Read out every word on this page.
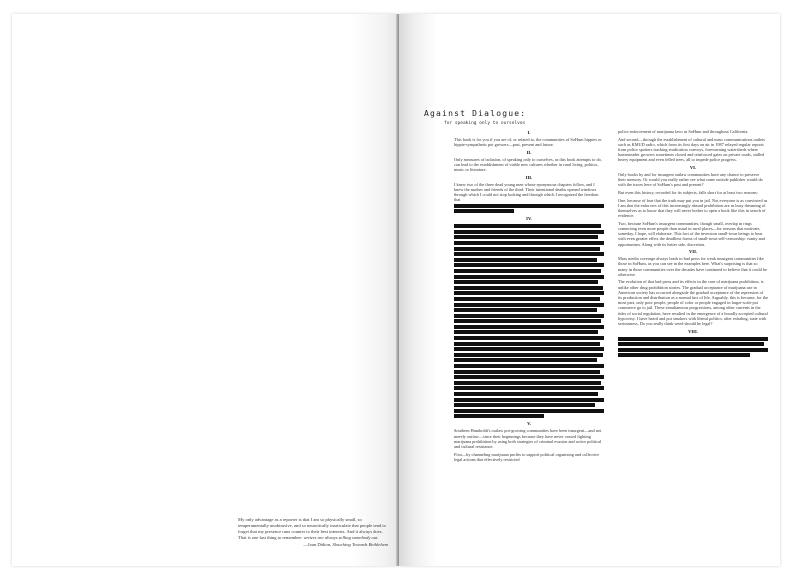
My only advantage as a reporter is that I am so physically small, so temperamentally unobtrusive, and so neurotically inarticulate that people tend to forget that my presence runs counter to their best interests. And it always does. That is one last thing to remember: writers are always selling somebody out.
—Joan Didion, Slouching Towards Bethlehem
Against Dialogue:
for speaking only to ourselves
I.
This book is for you if you are of, or related to, the communities of SoHum hippies or hippie-sympathetic pot growers—past, present and future.
II.
Only measures of isolation, of speaking only to ourselves, as this book attempts to do, can lead to the establishment of viable new cultures whether in rural living, politics, music or literature.
III.
I knew two of the three dead young men whose eponymous chapters follow, and I knew the mother and friends of the third. Their intentional deaths opened windows through which I could not stop looking and through which I recognized the freedom that
IV.
V.
Southern Humboldt's outlaw pot-growing communities have been insurgent—and not merely outlaw—since their beginnings because they have never ceased fighting marijuana prohibition by using both strategies of criminal evasion and active political and cultural resistance.
First—by channeling marijuana profits to support political organizing and collective legal actions that effectively restricted
police enforcement of marijuana laws in SoHum and throughout California.
And second—through the establishment of cultural and mass communications outlets such as KMUD radio, which from its first days on air in 1987 relayed regular reports from police spotters tracking eradication convoys, forewarning watersheds where homesteader growers sometimes closed and reinforced gates on private roads, stalled heavy equipment and even felled trees, all to impede police progress.
VI.
Only books by and for insurgent outlaw communities have any chance to preserve their memory. Or would you really rather see what some outside publisher would do with the traces here of SoHum's past and present?
But even this history, recorded for its subjects, falls short for at least two reasons:
One, because of fear that the truth may put you in jail. Not everyone is as convinced as I am that the enforcers of this increasingly absurd prohibition are as busy dreaming of themselves as to know that they will never bother to open a book like this in search of evidence.
Two, because SoHum's insurgent communities, though small, overlap in rings connecting even more people than usual in rural places—for reasons that motivate, someday, I hope, will elaborate. This fact of the inversion small-town beings to bear with even greater effect the deadliest forms of small-town self-censorship: vanity and opportunism. Along with its better side, discretion.
VII.
Mass media coverage always leads to bad press for weak insurgent communities like those in SoHum, as you can see in the examples here. What's surprising is that so many in those communities over the decades have continued to believe that it could be otherwise.
The evolution of that bad press and its effects in the case of marijuana prohibition, is unlike other drug prohibition stories. The gradual acceptance of marijuana use in American society has occurred alongside the gradual acceptance of the repression of its production and distribution as a normal fact of life. Arguably, this is because, for the most part, only poor people, people of color or people engaged in larger-scale pot commerce go to jail. These simultaneous progressions, among other currents in the tides of social regulation, have resulted in the emergence of a broadly accepted cultural hypocrisy. I have heard and pot smokers with liberal politics, after exhaling, state with seriousness, Do you really think weed should be legal?
VIII.
